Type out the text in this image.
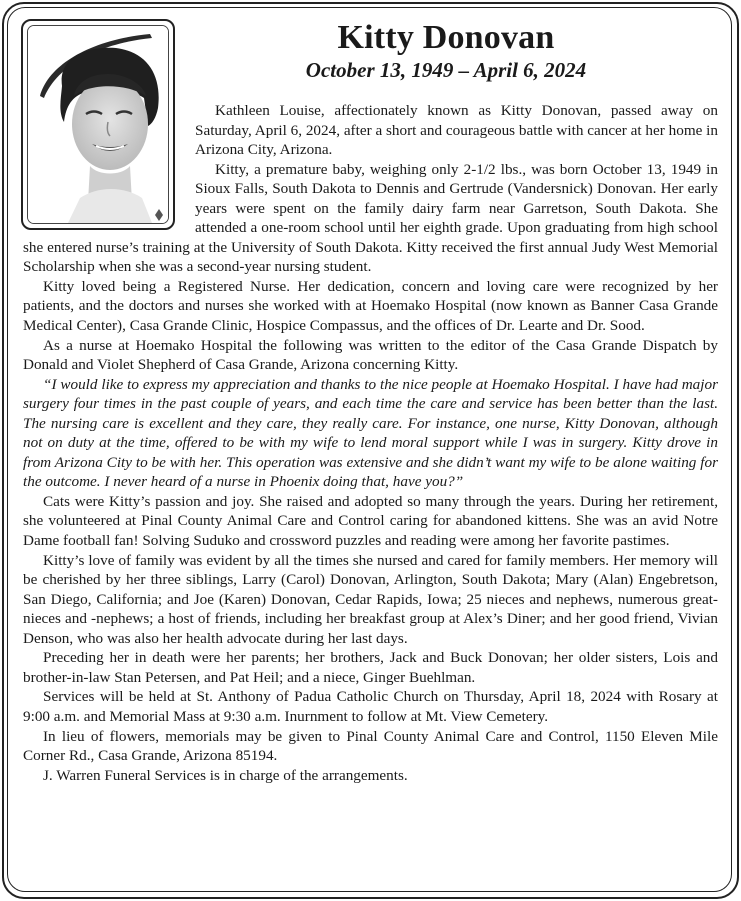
Kitty Donovan

October 13, 1949 – April 6, 2024

Kathleen Louise, affectionately known as Kitty Donovan, passed away on Saturday, April 6, 2024, after a short and courageous battle with cancer at her home in Arizona City, Arizona.

Kitty, a premature baby, weighing only 2-1/2 lbs., was born October 13, 1949 in Sioux Falls, South Dakota to Dennis and Gertrude (Vandersnick) Donovan. Her early years were spent on the family dairy farm near Garretson, South Dakota. She attended a one-room school until her eighth grade. Upon graduating from high school she entered nurse’s training at the University of South Dakota. Kitty received the first annual Judy West Memorial Scholarship when she was a second-year nursing student.

Kitty loved being a Registered Nurse. Her dedication, concern and loving care were recognized by her patients, and the doctors and nurses she worked with at Hoemako Hospital (now known as Banner Casa Grande Medical Center), Casa Grande Clinic, Hospice Compassus, and the offices of Dr. Learte and Dr. Sood.

As a nurse at Hoemako Hospital the following was written to the editor of the Casa Grande Dispatch by Donald and Violet Shepherd of Casa Grande, Arizona concerning Kitty.

“I would like to express my appreciation and thanks to the nice people at Hoemako Hospital. I have had major surgery four times in the past couple of years, and each time the care and service has been better than the last. The nursing care is excellent and they care, they really care. For instance, one nurse, Kitty Donovan, although not on duty at the time, offered to be with my wife to lend moral support while I was in surgery. Kitty drove in from Arizona City to be with her. This operation was extensive and she didn’t want my wife to be alone waiting for the outcome. I never heard of a nurse in Phoenix doing that, have you?”

Cats were Kitty’s passion and joy. She raised and adopted so many through the years. During her retirement, she volunteered at Pinal County Animal Care and Control caring for abandoned kittens. She was an avid Notre Dame football fan! Solving Suduko and crossword puzzles and reading were among her favorite pastimes.

Kitty’s love of family was evident by all the times she nursed and cared for family members. Her memory will be cherished by her three siblings, Larry (Carol) Donovan, Arlington, South Dakota; Mary (Alan) Engebretson, San Diego, California; and Joe (Karen) Donovan, Cedar Rapids, Iowa; 25 nieces and nephews, numerous great-nieces and -nephews; a host of friends, including her breakfast group at Alex’s Diner; and her good friend, Vivian Denson, who was also her health advocate during her last days.

Preceding her in death were her parents; her brothers, Jack and Buck Donovan; her older sisters, Lois and brother-in-law Stan Petersen, and Pat Heil; and a niece, Ginger Buehlman.

Services will be held at St. Anthony of Padua Catholic Church on Thursday, April 18, 2024 with Rosary at 9:00 a.m. and Memorial Mass at 9:30 a.m. Inurnment to follow at Mt. View Cemetery.

In lieu of flowers, memorials may be given to Pinal County Animal Care and Control, 1150 Eleven Mile Corner Rd., Casa Grande, Arizona 85194.

J. Warren Funeral Services is in charge of the arrangements.
